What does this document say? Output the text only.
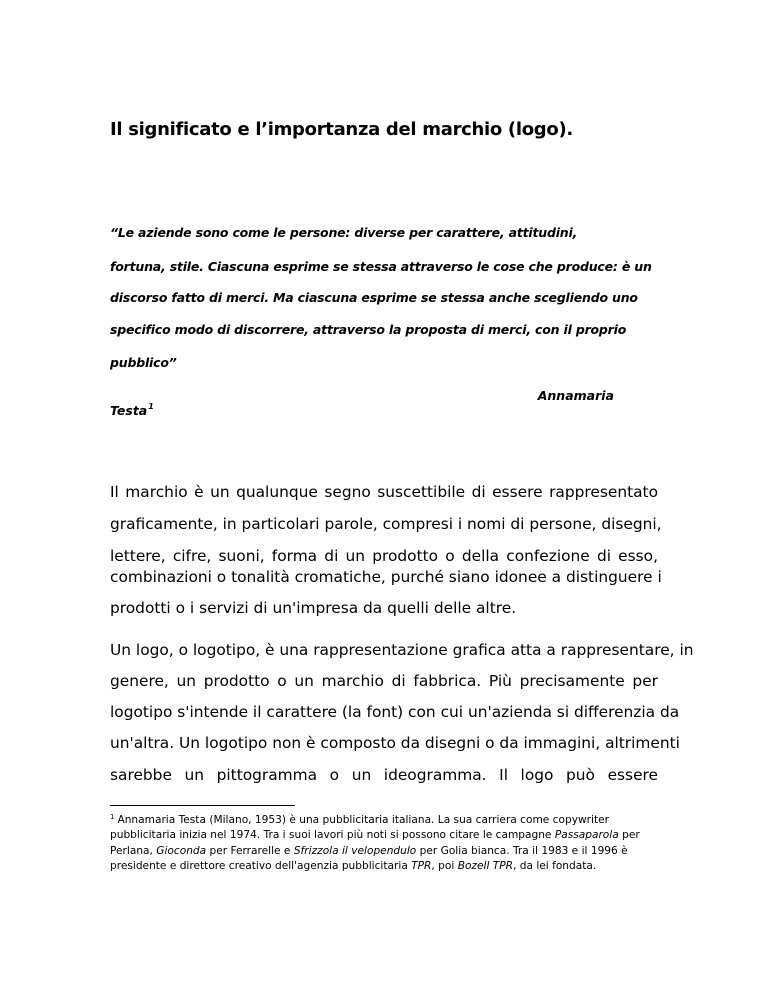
Il significato e l’importanza del marchio (logo).
“Le aziende sono come le persone: diverse per carattere, attitudini,
fortuna, stile. Ciascuna esprime se stessa attraverso le cose che produce: è un
discorso fatto di merci. Ma ciascuna esprime se stessa anche scegliendo uno
specifico modo di discorrere, attraverso la proposta di merci, con il proprio
pubblico”
Annamaria
Testa$^1$
Il marchio è un qualunque segno suscettibile di essere rappresentato
graficamente, in particolari parole, compresi i nomi di persone, disegni,
lettere, cifre, suoni, forma di un prodotto o della confezione di esso,
combinazioni o tonalità cromatiche, purché siano idonee a distinguere i
prodotti o i servizi di un'impresa da quelli delle altre.
Un logo, o logotipo, è una rappresentazione grafica atta a rappresentare, in
genere, un prodotto o un marchio di fabbrica. Più precisamente per
logotipo s'intende il carattere (la font) con cui un'azienda si differenzia da
un'altra. Un logotipo non è composto da disegni o da immagini, altrimenti
sarebbe un pittogramma o un ideogramma. Il logo può essere
$^1$ Annamaria Testa (Milano, 1953) è una pubblicitaria italiana. La sua carriera come copywriter pubblicitaria inizia nel 1974. Tra i suoi lavori più noti si possono citare le campagne Passaparola per Perlana, Gioconda per Ferrarelle e Sfrizzola il velopendulo per Golia bianca. Tra il 1983 e il 1996 è presidente e direttore creativo dell'agenzia pubblicitaria TPR, poi Bozell TPR, da lei fondata.
